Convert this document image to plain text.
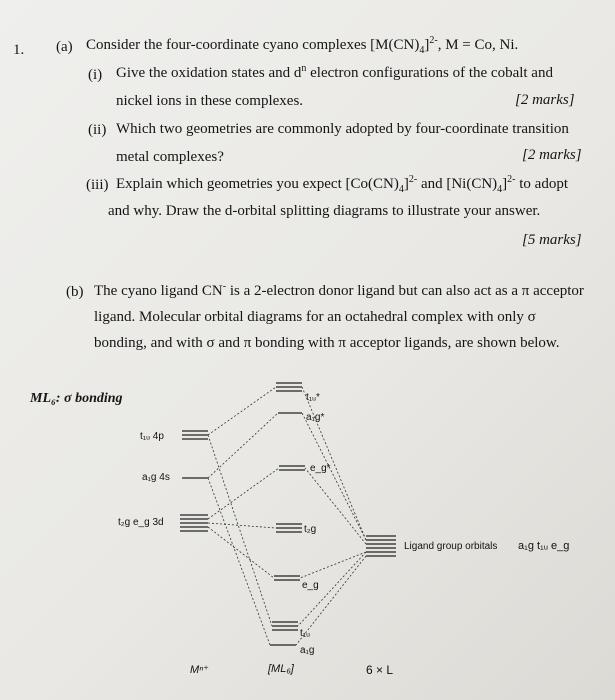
1. (a) Consider the four-coordinate cyano complexes $[M(CN)_4]^{2-}$, M = Co, Ni.
(i) Give the oxidation states and $d^n$ electron configurations of the cobalt and
nickel ions in these complexes.	[2 marks]
(ii) Which two geometries are commonly adopted by four-coordinate transition
metal complexes?	[2 marks]
(iii) Explain which geometries you expect $[Co(CN)_4]^{2-}$ and $[Ni(CN)_4]^{2-}$ to adopt
and why. Draw the d-orbital splitting diagrams to illustrate your answer.
[5 marks]
(b) The cyano ligand CN- is a 2-electron donor ligand but can also act as a π acceptor
ligand. Molecular orbital diagrams for an octahedral complex with only σ
bonding, and with σ and π bonding with π acceptor ligands, are shown below.
ML₆: σ bonding
t₁ᵤ 4p
a₁g 4s
t₂g e_g 3d
t₁ᵤ*
a₁g*
e_g*
t₂g
e_g
t₁ᵤ
a₁g
Ligand group orbitals a₁g t₁ᵤ e_g
Mⁿ⁺	[ML₆]	6 × L
